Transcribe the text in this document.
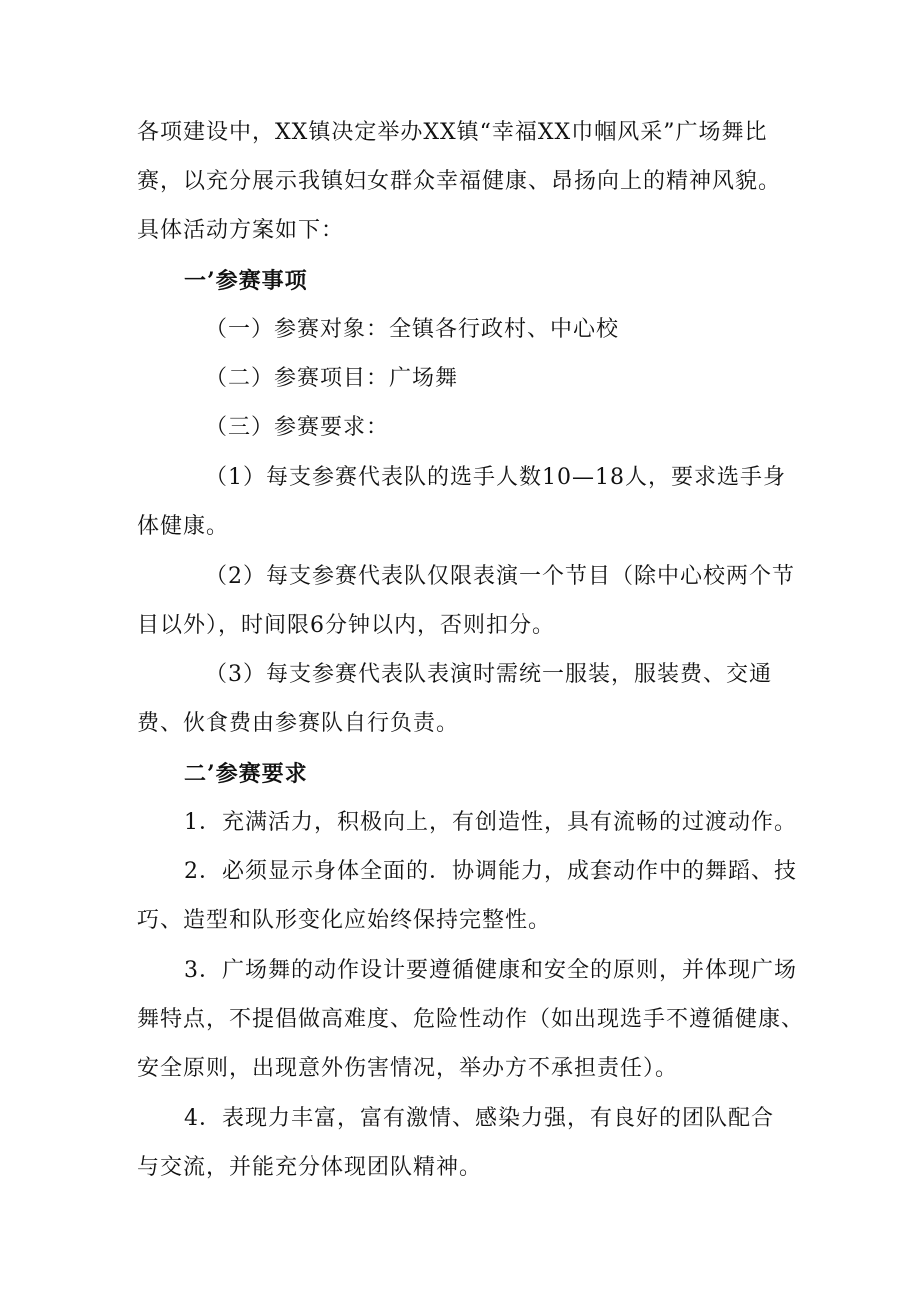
各项建设中，XX镇决定举办XX镇“幸福XX巾帼风采”广场舞比
赛，以充分展示我镇妇女群众幸福健康、昂扬向上的精神风貌。
具体活动方案如下：
一’参赛事项
（一）参赛对象：全镇各行政村、中心校
（二）参赛项目：广场舞
（三）参赛要求：
（1）每支参赛代表队的选手人数10—18人，要求选手身
体健康。
（2）每支参赛代表队仅限表演一个节目（除中心校两个节
目以外），时间限6分钟以内，否则扣分。
（3）每支参赛代表队表演时需统一服装，服装费、交通
费、伙食费由参赛队自行负责。
二’参赛要求
1．充满活力，积极向上，有创造性，具有流畅的过渡动作。
2．必须显示身体全面的．协调能力，成套动作中的舞蹈、技
巧、造型和队形变化应始终保持完整性。
3．广场舞的动作设计要遵循健康和安全的原则，并体现广场
舞特点，不提倡做高难度、危险性动作（如出现选手不遵循健康、
安全原则，出现意外伤害情况，举办方不承担责任）。
4．表现力丰富，富有激情、感染力强，有良好的团队配合
与交流，并能充分体现团队精神。
